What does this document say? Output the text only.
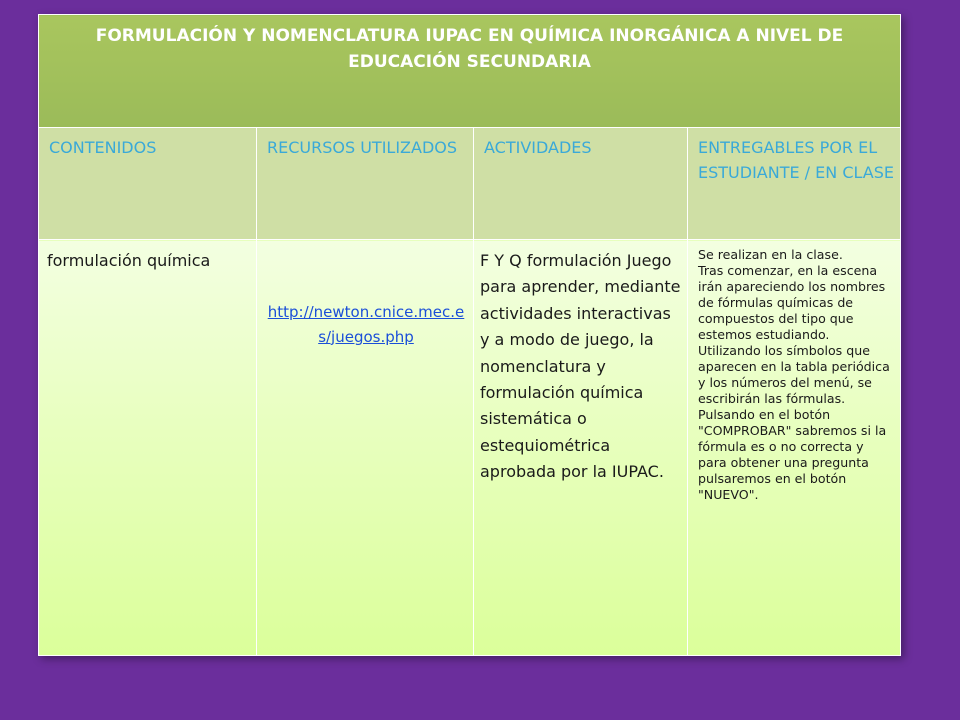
FORMULACIÓN Y NOMENCLATURA IUPAC EN QUÍMICA INORGÁNICA A NIVEL DE EDUCACIÓN SECUNDARIA			
CONTENIDOS	RECURSOS UTILIZADOS	ACTIVIDADES	ENTREGABLES POR EL ESTUDIANTE / EN CLASE
formulación química	http://newton.cnice.mec.es/juegos.php	F Y Q formulación Juego para aprender, mediante actividades interactivas y a modo de juego, la nomenclatura y formulación química sistemática o estequiométrica aprobada por la IUPAC.	Se realizan en la clase.

Tras comenzar, en la escena irán apareciendo los nombres de fórmulas químicas de compuestos del tipo que estemos estudiando.

Utilizando los símbolos que aparecen en la tabla periódica y los números del menú, se escribirán las fórmulas.

Pulsando en el botón "COMPROBAR" sabremos si la fórmula es o no correcta y para obtener una pregunta pulsaremos en el botón "NUEVO".
